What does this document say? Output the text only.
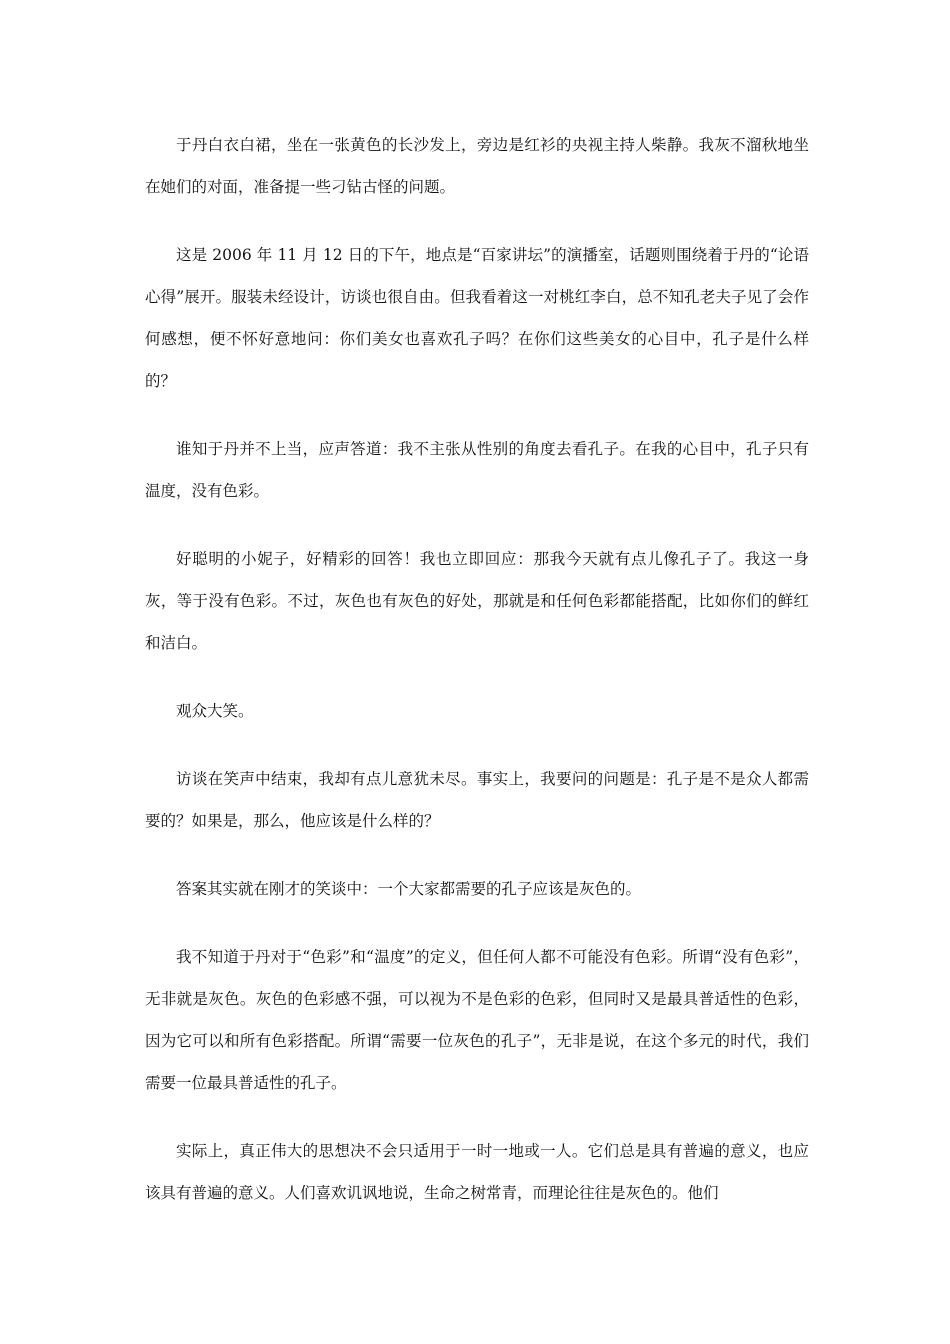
于丹白衣白裙，坐在一张黄色的长沙发上，旁边是红衫的央视主持人柴静。我灰不溜秋地坐在她们的对面，准备提一些刁钻古怪的问题。

这是 2006 年 11 月 12 日的下午，地点是“百家讲坛”的演播室，话题则围绕着于丹的“论语心得”展开。服装未经设计，访谈也很自由。但我看着这一对桃红李白，总不知孔老夫子见了会作何感想，便不怀好意地问：你们美女也喜欢孔子吗？在你们这些美女的心目中，孔子是什么样的？

谁知于丹并不上当，应声答道：我不主张从性别的角度去看孔子。在我的心目中，孔子只有温度，没有色彩。

好聪明的小妮子，好精彩的回答！我也立即回应：那我今天就有点儿像孔子了。我这一身灰，等于没有色彩。不过，灰色也有灰色的好处，那就是和任何色彩都能搭配，比如你们的鲜红和洁白。

观众大笑。

访谈在笑声中结束，我却有点儿意犹未尽。事实上，我要问的问题是：孔子是不是众人都需要的？如果是，那么，他应该是什么样的？

答案其实就在刚才的笑谈中：一个大家都需要的孔子应该是灰色的。

我不知道于丹对于“色彩”和“温度”的定义，但任何人都不可能没有色彩。所谓“没有色彩”，无非就是灰色。灰色的色彩感不强，可以视为不是色彩的色彩，但同时又是最具普适性的色彩，因为它可以和所有色彩搭配。所谓“需要一位灰色的孔子”，无非是说，在这个多元的时代，我们需要一位最具普适性的孔子。

实际上，真正伟大的思想决不会只适用于一时一地或一人。它们总是具有普遍的意义，也应该具有普遍的意义。人们喜欢讥讽地说，生命之树常青，而理论往往是灰色的。他们
